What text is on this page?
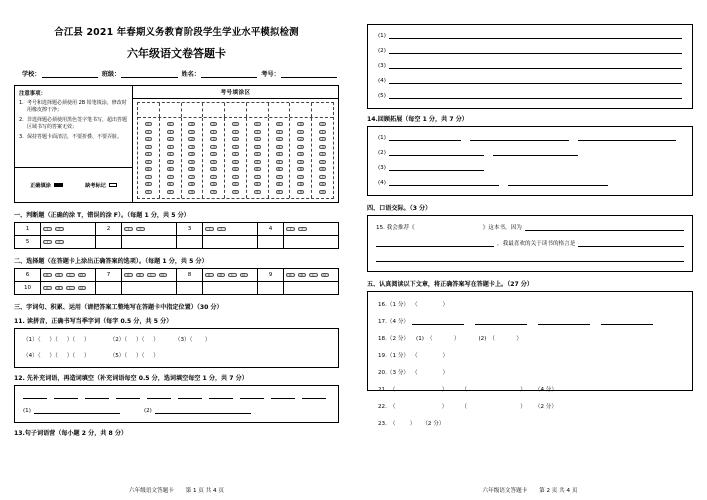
合江县 2021 年春期义务教育阶段学生学业水平模拟检测
六年级语文卷答题卡
学校：	班级：	姓名：	考号：
注意事项：
1. 考号和选择题必须使用 2B 铅笔填涂，修改时用橡皮擦干净；
2. 非选择题必须使用黑色签字笔书写，超出答题区域书写的答案无效；
3. 保持答题卡面清洁，不要折叠、不要弄脏。
正确填涂	缺考标记
考号填涂区
0
1
2
3
4
5
6
7
8
9
0
1
2
3
4
5
6
7
8
9
0
1
2
3
4
5
6
7
8
9
0
1
2
3
4
5
6
7
8
9
0
1
2
3
4
5
6
7
8
9
0
1
2
3
4
5
6
7
8
9
0
1
2
3
4
5
6
7
8
9
0
1
2
3
4
5
6
7
8
9
0
1
2
3
4
5
6
7
8
9
一、判断题（正确的涂 T，错误的涂 F）。（每题 1 分，共 5 分）
1	T F	2	T F	3	T F	4	T F

5	T F						

二、选择题（在答题卡上涂出正确答案的选项）。（每题 1 分，共 5 分）
6	A B C D	7	A B C D	8	A B C D	9	A B C D

10	A B C D						

三、字词句、积累、运用（请把答案工整地写在答题卡中指定位置）（30 分）
11. 读拼音，正确书写当季字词（每字 0.5 分，共 5 分）
（1）（     ）（     ）（     ）	（2）（     ）（     ）	（3）（       ）
（4）（     ）（     ）（     ）	（5）（     ）（     ）
12. 先补充词语，再造词填空（补充词语每空 0.5 分，选词填空每空 1 分，共 7 分）
(1)	(2)
13.句子词语营（每小题 2 分，共 8 分）
六年级语文答题卡 第 1 页 共 4 页
(1)
(2)
(3)
(4)
(5)
14.回顾拓展（每空 1 分，共 7 分）
(1)
(2)
(3)
(4)
四、口语交际。（3 分）
15. 我会推荐《	》这本书，因为
，我最喜欢的关于读书的格言是
五、认真阅读以下文章，将正确答案写在答题卡上。（27 分）
16.（1 分） （              ）
17.（4 分）
18.（2 分） (1) （            ）	(2) （            ）
19.（1 分） （              ）
20.（3 分） （              ）
21. （                          ）	（                              ） （4 分）
22. （                          ）	（                              ） （2 分）
23. （        ） （2 分）
六年级语文答题卡 第 2 页 共 4 页
